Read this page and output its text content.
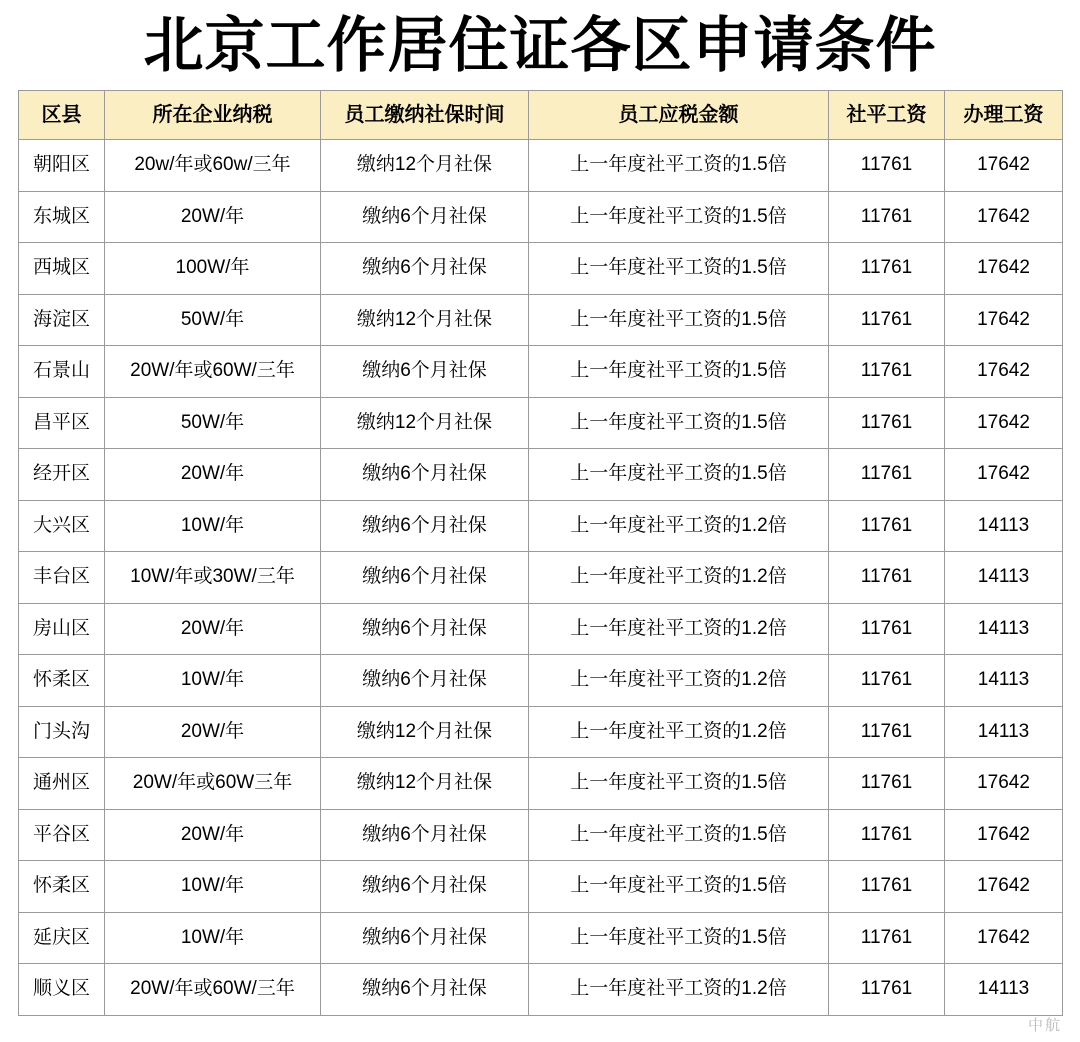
北京工作居住证各区申请条件
区县	所在企业纳税	员工缴纳社保时间	员工应税金额	社平工资	办理工资
朝阳区	20w/年或60w/三年	缴纳12个月社保	上一年度社平工资的1.5倍	11761	17642
东城区	20W/年	缴纳6个月社保	上一年度社平工资的1.5倍	11761	17642
西城区	100W/年	缴纳6个月社保	上一年度社平工资的1.5倍	11761	17642
海淀区	50W/年	缴纳12个月社保	上一年度社平工资的1.5倍	11761	17642
石景山	20W/年或60W/三年	缴纳6个月社保	上一年度社平工资的1.5倍	11761	17642
昌平区	50W/年	缴纳12个月社保	上一年度社平工资的1.5倍	11761	17642
经开区	20W/年	缴纳6个月社保	上一年度社平工资的1.5倍	11761	17642
大兴区	10W/年	缴纳6个月社保	上一年度社平工资的1.2倍	11761	14113
丰台区	10W/年或30W/三年	缴纳6个月社保	上一年度社平工资的1.2倍	11761	14113
房山区	20W/年	缴纳6个月社保	上一年度社平工资的1.2倍	11761	14113
怀柔区	10W/年	缴纳6个月社保	上一年度社平工资的1.2倍	11761	14113
门头沟	20W/年	缴纳12个月社保	上一年度社平工资的1.2倍	11761	14113
通州区	20W/年或60W三年	缴纳12个月社保	上一年度社平工资的1.5倍	11761	17642
平谷区	20W/年	缴纳6个月社保	上一年度社平工资的1.5倍	11761	17642
怀柔区	10W/年	缴纳6个月社保	上一年度社平工资的1.5倍	11761	17642
延庆区	10W/年	缴纳6个月社保	上一年度社平工资的1.5倍	11761	17642
顺义区	20W/年或60W/三年	缴纳6个月社保	上一年度社平工资的1.2倍	11761	14113
中航
